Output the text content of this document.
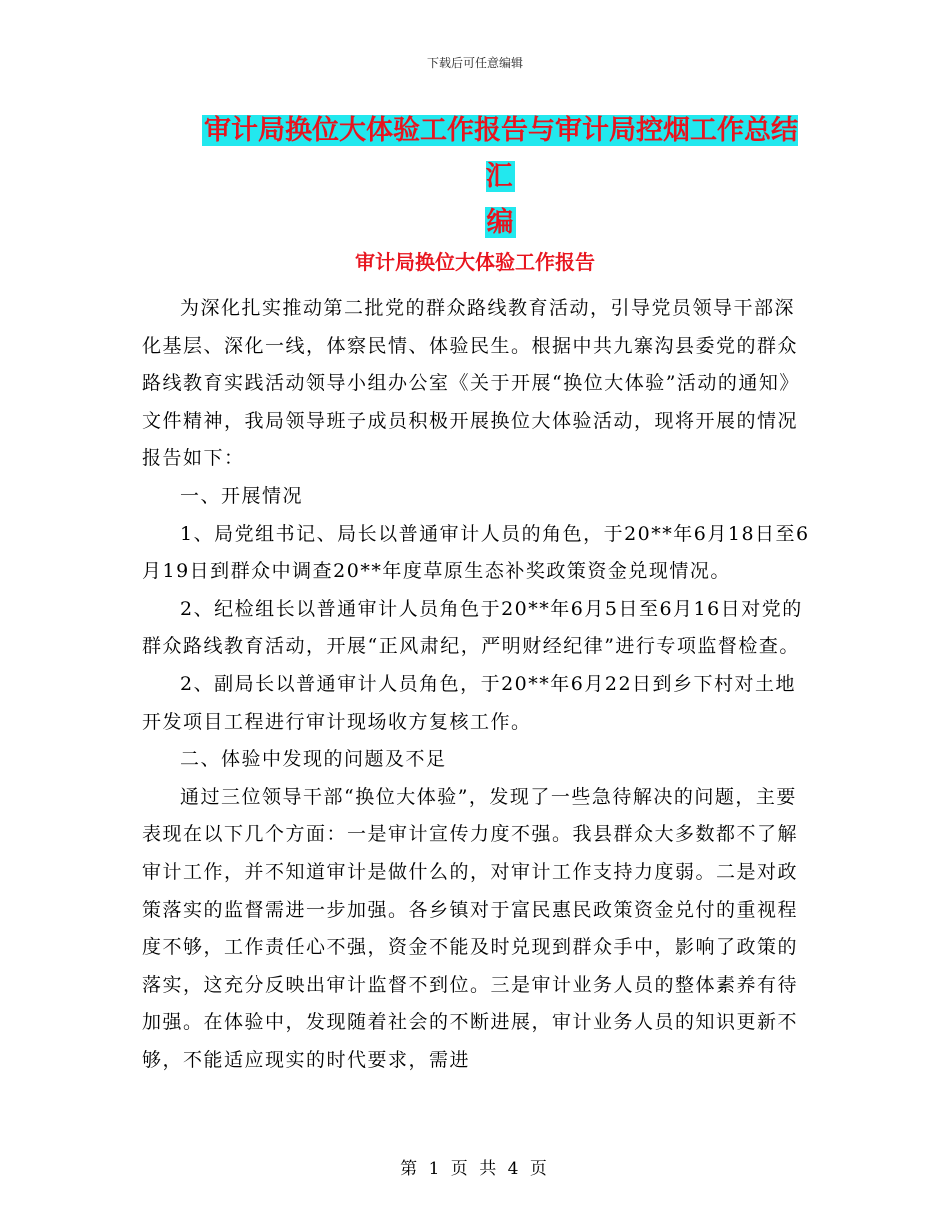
下载后可任意编辑
审计局换位大体验工作报告与审计局控烟工作总结汇
编
审计局换位大体验工作报告

为深化扎实推动第二批党的群众路线教育活动，引导党员领导干部深化基层、深化一线，体察民情、体验民生。根据中共九寨沟县委党的群众路线教育实践活动领导小组办公室《关于开展“换位大体验”活动的通知》文件精神，我局领导班子成员积极开展换位大体验活动，现将开展的情况报告如下：

一、开展情况

1、局党组书记、局长以普通审计人员的角色，于20**年6月18日至6月19日到群众中调查20**年度草原生态补奖政策资金兑现情况。

2、纪检组长以普通审计人员角色于20**年6月5日至6月16日对党的群众路线教育活动，开展“正风肃纪，严明财经纪律”进行专项监督检查。

2、副局长以普通审计人员角色，于20**年6月22日到乡下村对土地开发项目工程进行审计现场收方复核工作。

二、体验中发现的问题及不足

通过三位领导干部“换位大体验”，发现了一些急待解决的问题，主要表现在以下几个方面：一是审计宣传力度不强。我县群众大多数都不了解审计工作，并不知道审计是做什么的，对审计工作支持力度弱。二是对政策落实的监督需进一步加强。各乡镇对于富民惠民政策资金兑付的重视程度不够，工作责任心不强，资金不能及时兑现到群众手中，影响了政策的落实，这充分反映出审计监督不到位。三是审计业务人员的整体素养有待加强。在体验中，发现随着社会的不断进展，审计业务人员的知识更新不够，不能适应现实的时代要求，需进

第 1 页 共 4 页
